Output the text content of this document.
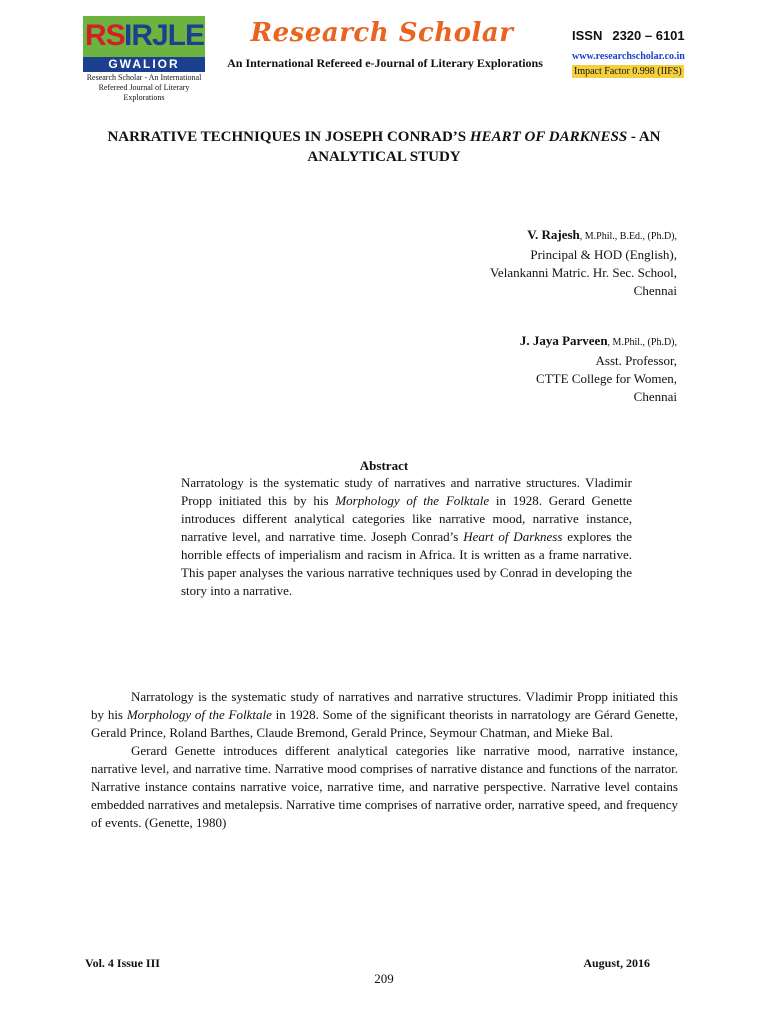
RS IRJLE
GWALIOR
Research Scholar - An International Refereed Journal of Literary Explorations
Research Scholar
An International Refereed e-Journal of Literary Explorations
ISSN 2320 – 6101
www.researchscholar.co.in
Impact Factor 0.998 (IIFS)
NARRATIVE TECHNIQUES IN JOSEPH CONRAD’S HEART OF DARKNESS - AN ANALYTICAL STUDY
V. Rajesh, M.Phil., B.Ed., (Ph.D),
Principal & HOD (English),
Velankanni Matric. Hr. Sec. School,
Chennai
J. Jaya Parveen, M.Phil., (Ph.D),
Asst. Professor,
CTTE College for Women,
Chennai
Abstract
Narratology is the systematic study of narratives and narrative structures. Vladimir Propp initiated this by his Morphology of the Folktale in 1928. Gerard Genette introduces different analytical categories like narrative mood, narrative instance, narrative level, and narrative time. Joseph Conrad’s Heart of Darkness explores the horrible effects of imperialism and racism in Africa. It is written as a frame narrative. This paper analyses the various narrative techniques used by Conrad in developing the story into a narrative.

Narratology is the systematic study of narratives and narrative structures. Vladimir Propp initiated this by his Morphology of the Folktale in 1928. Some of the significant theorists in narratology are Gérard Genette, Gerald Prince, Roland Barthes, Claude Bremond, Gerald Prince, Seymour Chatman, and Mieke Bal.

Gerard Genette introduces different analytical categories like narrative mood, narrative instance, narrative level, and narrative time. Narrative mood comprises of narrative distance and functions of the narrator. Narrative instance contains narrative voice, narrative time, and narrative perspective. Narrative level contains embedded narratives and metalepsis. Narrative time comprises of narrative order, narrative speed, and frequency of events. (Genette, 1980)

Vol. 4 Issue III	August, 2016
209
